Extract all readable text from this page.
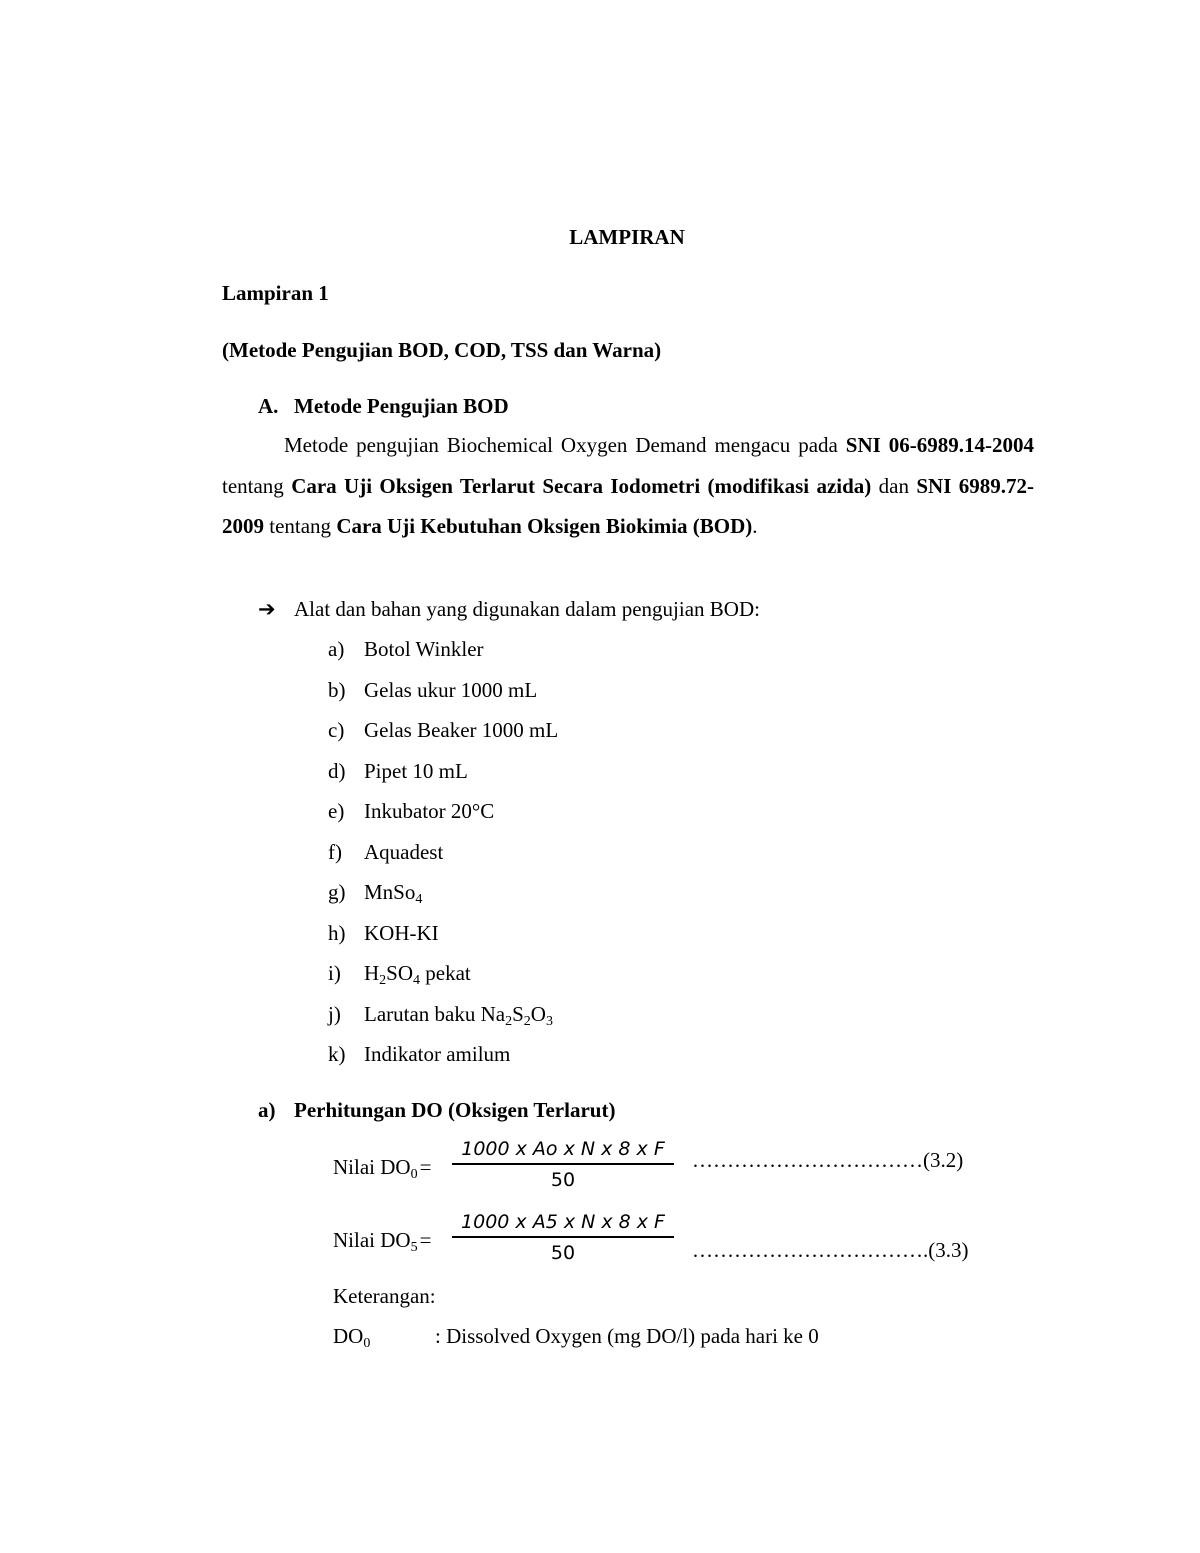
LAMPIRAN
Lampiran 1
(Metode Pengujian BOD, COD, TSS dan Warna)
A. Metode Pengujian BOD
Metode pengujian Biochemical Oxygen Demand mengacu pada SNI 06-6989.14-2004 tentang Cara Uji Oksigen Terlarut Secara Iodometri (modifikasi azida) dan SNI 6989.72-2009 tentang Cara Uji Kebutuhan Oksigen Biokimia (BOD).
➔ Alat dan bahan yang digunakan dalam pengujian BOD:
a) Botol Winkler
b) Gelas ukur 1000 mL
c) Gelas Beaker 1000 mL
d) Pipet 10 mL
e) Inkubator 20°C
f) Aquadest
g) MnSo$_4$
h) KOH-KI
i) $H_2SO_4$ pekat
j) Larutan baku $Na_2S_2O_3$
k) Indikator amilum
a) Perhitungan DO (Oksigen Terlarut)
Nilai $DO_0=$
1000 x Ao x N x 8 x F
50
……………………………(3.2)
Nilai $DO_5=$
1000 x A5 x N x 8 x F
50	…………………………….(3.3)
Keterangan:
$DO_0$	: Dissolved Oxygen (mg DO/l) pada hari ke 0
